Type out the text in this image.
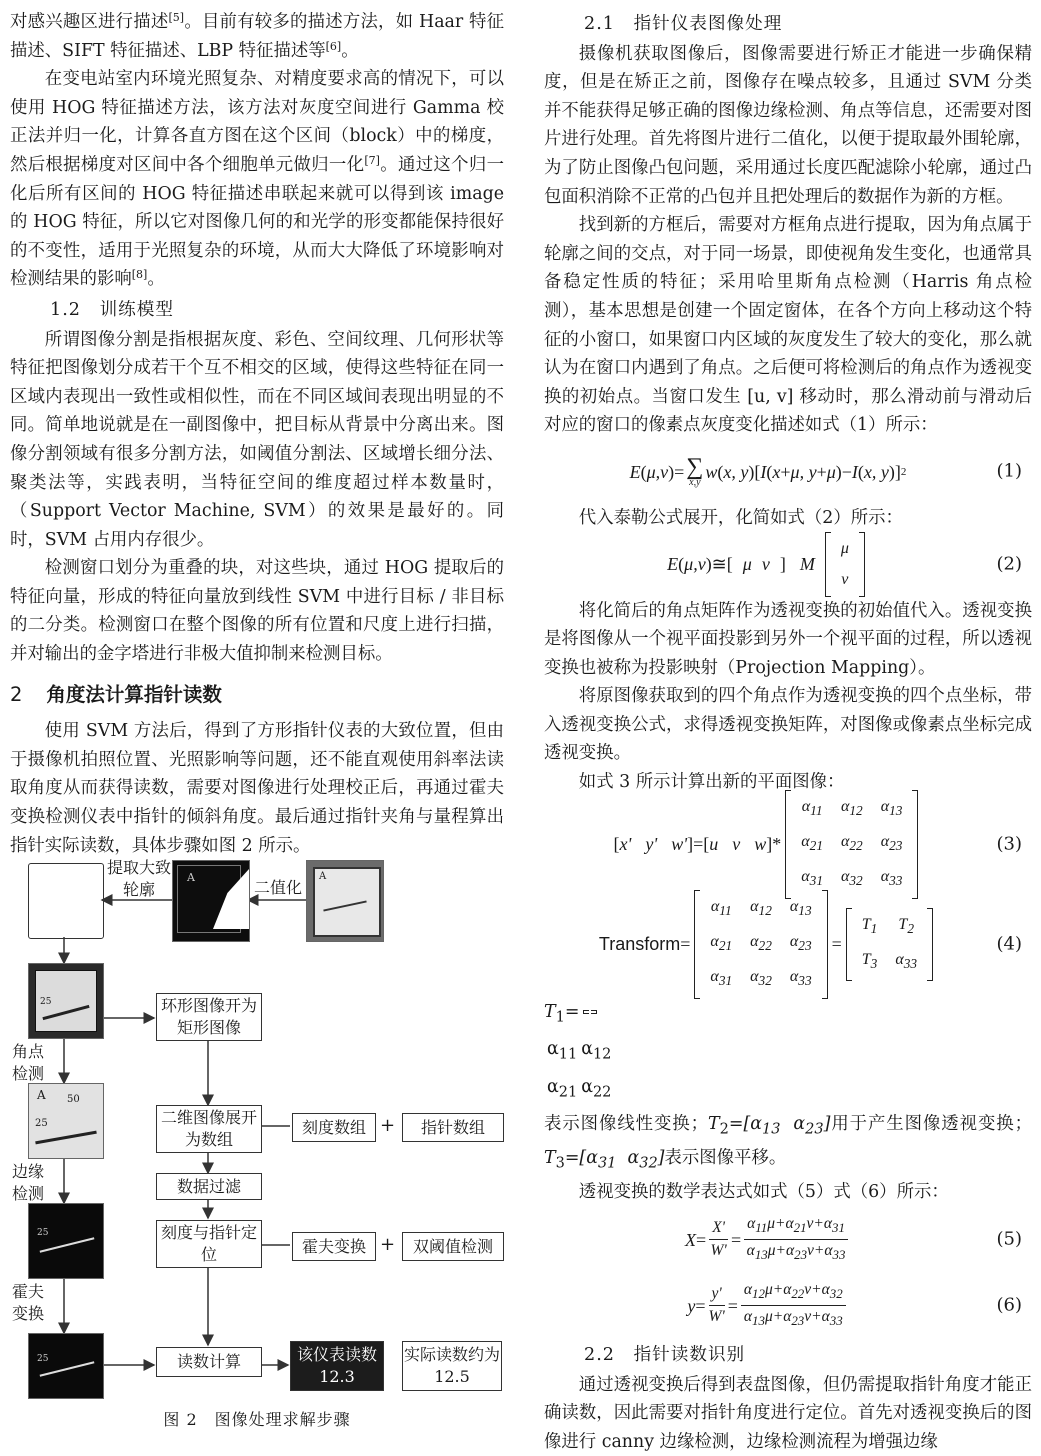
对感兴趣区进行描述[5]。目前有较多的描述方法，如 Haar 特征描述、SIFT 特征描述、LBP 特征描述等[6]。

在变电站室内环境光照复杂、对精度要求高的情况下，可以使用 HOG 特征描述方法，该方法对灰度空间进行 Gamma 校正法并归一化，计算各直方图在这个区间（block）中的梯度，然后根据梯度对区间中各个细胞单元做归一化[7]。通过这个归一化后所有区间的 HOG 特征描述串联起来就可以得到该 image 的 HOG 特征，所以它对图像几何的和光学的形变都能保持很好的不变性，适用于光照复杂的环境，从而大大降低了环境影响对检测结果的影响[8]。

1.2　训练模型

所谓图像分割是指根据灰度、彩色、空间纹理、几何形状等特征把图像划分成若干个互不相交的区域，使得这些特征在同一区域内表现出一致性或相似性，而在不同区域间表现出明显的不同。简单地说就是在一副图像中，把目标从背景中分离出来。图像分割领域有很多分割方法，如阈值分割法、区域增长细分法、聚类法等，实践表明，当特征空间的维度超过样本数量时，（Support Vector Machine, SVM）的效果是最好的。同时，SVM 占用内存很少。

检测窗口划分为重叠的块，对这些块，通过 HOG 提取后的特征向量，形成的特征向量放到线性 SVM 中进行目标 / 非目标的二分类。检测窗口在整个图像的所有位置和尺度上进行扫描，并对输出的金字塔进行非极大值抑制来检测目标。

2 角度法计算指针读数

使用 SVM 方法后，得到了方形指针仪表的大致位置，但由于摄像机拍照位置、光照影响等问题，还不能直观使用斜率法读取角度从而获得读数，需要对图像进行处理校正后，再通过霍夫变换检测仪表中指针的倾斜角度。最后通过指针夹角与量程算出指针实际读数，具体步骤如图 2 所示。

A	A
25
A 50
25
25
25
提取大致轮廓	二值化
角点检测
边缘检测
霍夫变换
环形图像开为矩形图像
二维图像展开为数组
数据过滤
刻度与指针定位
读数计算
刻度数组 +	指针数组
霍夫变换 +	双阈值检测
该仪表读数 12.3
实际读数约为 12.5
图 2　图像处理求解步骤

2.1　指针仪表图像处理

摄像机获取图像后，图像需要进行矫正才能进一步确保精度，但是在矫正之前，图像存在噪点较多，且通过 SVM 分类并不能获得足够正确的图像边缘检测、角点等信息，还需要对图片进行处理。首先将图片进行二值化，以便于提取最外围轮廓，为了防止图像凸包问题，采用通过长度匹配滤除小轮廓，通过凸包面积消除不正常的凸包并且把处理后的数据作为新的方框。

找到新的方框后，需要对方框角点进行提取，因为角点属于轮廓之间的交点，对于同一场景，即使视角发生变化，也通常具备稳定性质的特征；采用哈里斯角点检测（Harris 角点检测），基本思想是创建一个固定窗体，在各个方向上移动这个特征的小窗口，如果窗口内区域的灰度发生了较大的变化，那么就认为在窗口内遇到了角点。之后便可将检测后的角点作为透视变换的初始点。当窗口发生 [u, v] 移动时，那么滑动前与滑动后对应的窗口的像素点灰度变化描述如式（1）所示：

E ( μ,ν )= ∑
x,y
w ( x, y )[ I ( x + μ, y + μ )− I ( x, y )] 2	(1)

代入泰勒公式展开，化简如式（2）所示：

E ( μ,ν )≅[ μ ν ] M
μ
ν
(2)

将化简后的角点矩阵作为透视变换的初始值代入。透视变换是将图像从一个视平面投影到另外一个视平面的过程，所以透视变换也被称为投影映射（Projection Mapping）。

将原图像获取到的四个角点作为透视变换的四个点坐标，带入透视变换公式，求得透视变换矩阵，对图像或像素点坐标完成透视变换。

如式 3 所示计算出新的平面图像：

[ x' y' w' ]=[ u v w ]*
$\alpha_{11}$	$\alpha_{12}$	$\alpha_{13}$
$\alpha_{21}$	$\alpha_{22}$	$\alpha_{23}$
$\alpha_{31}$	$\alpha_{32}$	$\alpha_{33}$
(3)
Transform =
$\alpha_{11}$	$\alpha_{12}$	$\alpha_{13}$
$\alpha_{21}$	$\alpha_{22}$	$\alpha_{23}$
$\alpha_{31}$	$\alpha_{32}$	$\alpha_{33}$
=
$T_1$	$T_2$
$T_3$	$\alpha_{33}$
(4)

$T_1=$

$\alpha_{11}$	$\alpha_{12}$
$\alpha_{21}$	$\alpha_{22}$
表示图像线性变换；$T_2=[\alpha_{13}$  $\alpha_{23}$]用于产生图像透视变换；$T_3=[\alpha_{31}$  $\alpha_{32}$]表示图像平移。

透视变换的数学表达式如式（5）式（6）所示：

$X = \frac{X'}{W'} = \frac{\alpha_{11}\mu+\alpha_{21}\nu+\alpha_{31}}{\alpha_{13}\mu+\alpha_{23}\nu+\alpha_{33}}$	(5)
$y = \frac{y'}{W'} = \frac{\alpha_{12}\mu+\alpha_{22}\nu+\alpha_{32}}{\alpha_{13}\mu+\alpha_{23}\nu+\alpha_{33}}$	(6)

2.2　指针读数识别

通过透视变换后得到表盘图像，但仍需提取指针角度才能正确读数，因此需要对指针角度进行定位。首先对透视变换后的图像进行 canny 边缘检测，边缘检测流程为增强边缘
